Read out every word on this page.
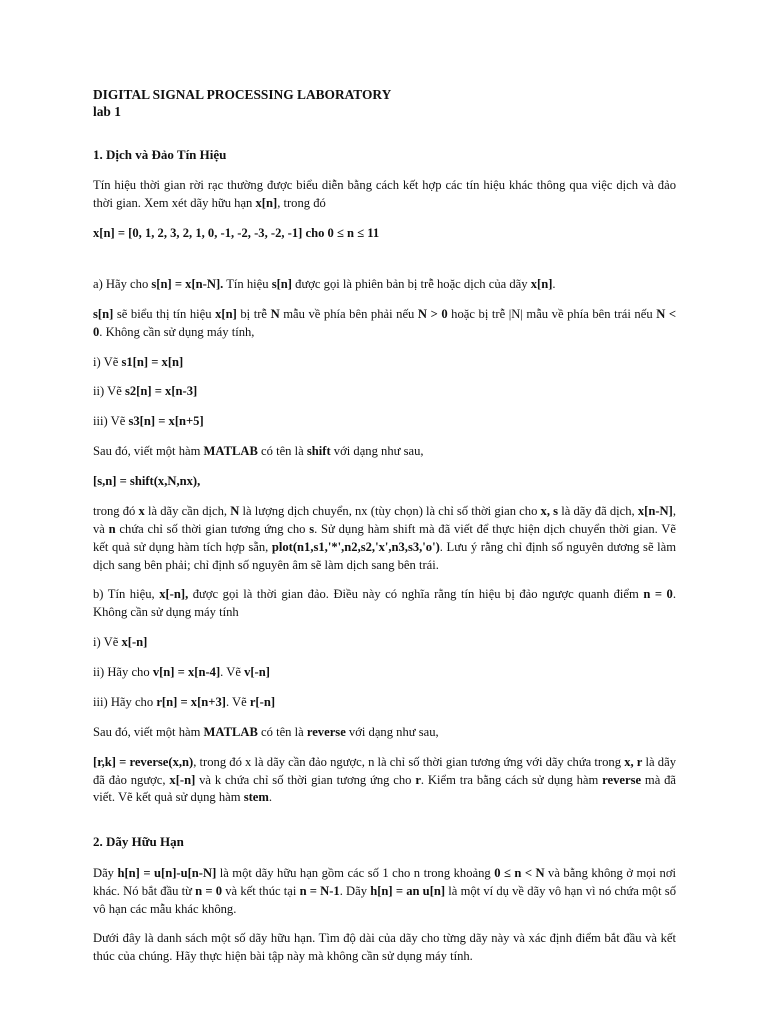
DIGITAL SIGNAL PROCESSING LABORATORY
lab 1
1. Dịch và Đảo Tín Hiệu

Tín hiệu thời gian rời rạc thường được biểu diễn bằng cách kết hợp các tín hiệu khác thông qua việc dịch và đảo thời gian. Xem xét dãy hữu hạn x[n], trong đó

x[n] = [0, 1, 2, 3, 2, 1, 0, -1, -2, -3, -2, -1] cho 0 ≤ n ≤ 11

a) Hãy cho s[n] = x[n-N]. Tín hiệu s[n] được gọi là phiên bản bị trễ hoặc dịch của dãy x[n].

s[n] sẽ biểu thị tín hiệu x[n] bị trễ N mẫu về phía bên phải nếu N > 0 hoặc bị trễ |N| mẫu về phía bên trái nếu N < 0. Không cần sử dụng máy tính,

i) Vẽ s1[n] = x[n]

ii) Vẽ s2[n] = x[n-3]

iii) Vẽ s3[n] = x[n+5]

Sau đó, viết một hàm MATLAB có tên là shift với dạng như sau,

[s,n] = shift(x,N,nx),

trong đó x là dãy cần dịch, N là lượng dịch chuyển, nx (tùy chọn) là chỉ số thời gian cho x, s là dãy đã dịch, x[n-N], và n chứa chỉ số thời gian tương ứng cho s. Sử dụng hàm shift mà đã viết để thực hiện dịch chuyển thời gian. Vẽ kết quả sử dụng hàm tích hợp sẵn, plot(n1,s1,'*',n2,s2,'x',n3,s3,'o'). Lưu ý rằng chỉ định số nguyên dương sẽ làm dịch sang bên phải; chỉ định số nguyên âm sẽ làm dịch sang bên trái.

b) Tín hiệu, x[-n], được gọi là thời gian đảo. Điều này có nghĩa rằng tín hiệu bị đảo ngược quanh điểm n = 0. Không cần sử dụng máy tính

i) Vẽ x[-n]

ii) Hãy cho v[n] = x[n-4]. Vẽ v[-n]

iii) Hãy cho r[n] = x[n+3]. Vẽ r[-n]

Sau đó, viết một hàm MATLAB có tên là reverse với dạng như sau,

[r,k] = reverse(x,n), trong đó x là dãy cần đảo ngược, n là chỉ số thời gian tương ứng với dãy chứa trong x, r là dãy đã đảo ngược, x[-n] và k chứa chỉ số thời gian tương ứng cho r. Kiểm tra bằng cách sử dụng hàm reverse mà đã viết. Vẽ kết quả sử dụng hàm stem.

2. Dãy Hữu Hạn

Dãy h[n] = u[n]-u[n-N] là một dãy hữu hạn gồm các số 1 cho n trong khoảng 0 ≤ n < N và bằng không ở mọi nơi khác. Nó bắt đầu từ n = 0 và kết thúc tại n = N-1. Dãy h[n] = an u[n] là một ví dụ về dãy vô hạn vì nó chứa một số vô hạn các mẫu khác không.

Dưới đây là danh sách một số dãy hữu hạn. Tìm độ dài của dãy cho từng dãy này và xác định điểm bắt đầu và kết thúc của chúng. Hãy thực hiện bài tập này mà không cần sử dụng máy tính.
